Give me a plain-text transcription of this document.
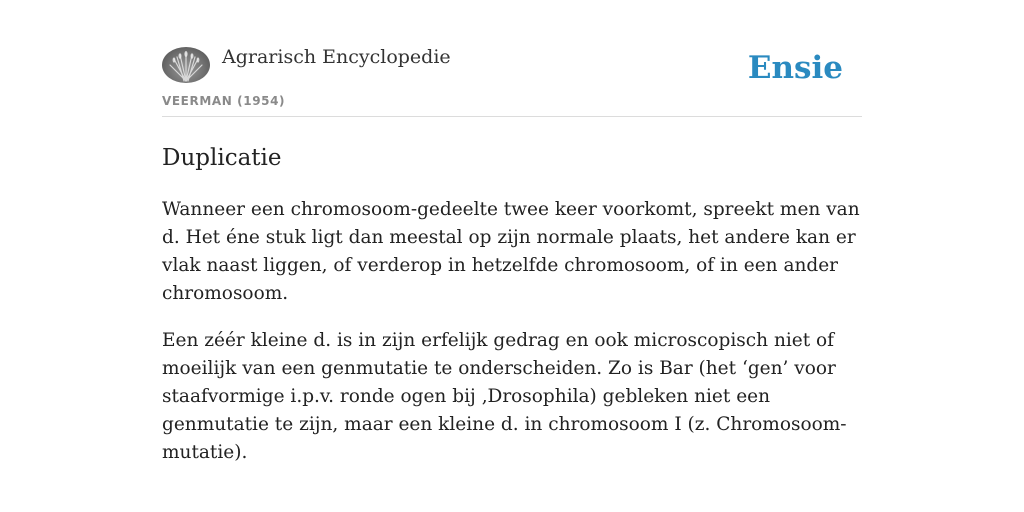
Agrarisch Encyclopedie
VEERMAN (1954)
Ensie
Duplicatie

Wanneer een chromosoom-gedeelte twee keer voorkomt, spreekt men van d. Het éne stuk ligt dan meestal op zijn normale plaats, het andere kan er vlak naast liggen, of verderop in hetzelfde chromosoom, of in een ander chromosoom.

Een zéér kleine d. is in zijn erfelijk gedrag en ook microscopisch niet of moeilijk van een genmutatie te onderscheiden. Zo is Bar (het ‘gen’ voor staafvormige i.p.v. ronde ogen bij ‚Drosophila) gebleken niet een genmutatie te zijn, maar een kleine d. in chromosoom I (z. Chromosoom-mutatie).
